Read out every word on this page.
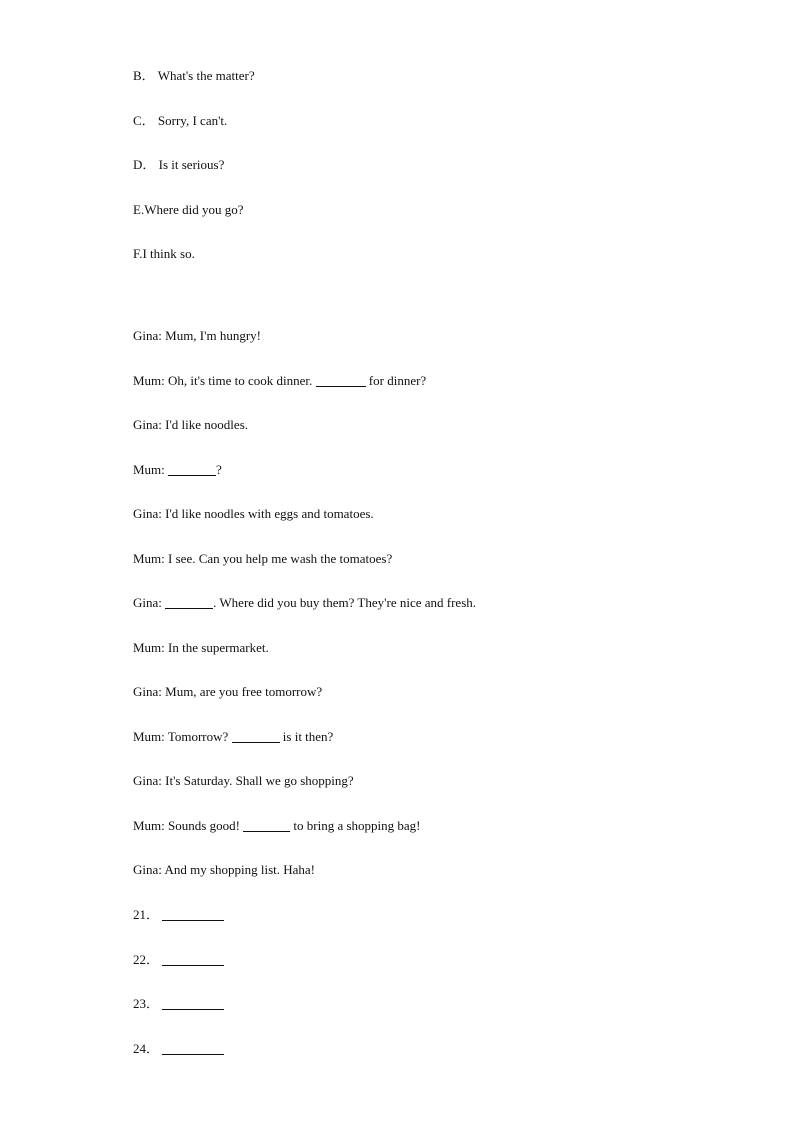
B． What's the matter?
C． Sorry, I can't.
D． Is it serious?
E.Where did you go?
F.I think so.
Gina: Mum, I'm hungry!
Mum: Oh, it's time to cook dinner.	for dinner?
Gina: I'd like noodles.
Mum:	?
Gina: I'd like noodles with eggs and tomatoes.
Mum: I see. Can you help me wash the tomatoes?
Gina:	. Where did you buy them? They're nice and fresh.
Mum: In the supermarket.
Gina: Mum, are you free tomorrow?
Mum: Tomorrow?	is it then?
Gina: It's Saturday. Shall we go shopping?
Mum: Sounds good!	to bring a shopping bag!
Gina: And my shopping list. Haha!
21．
22．
23．
24．
